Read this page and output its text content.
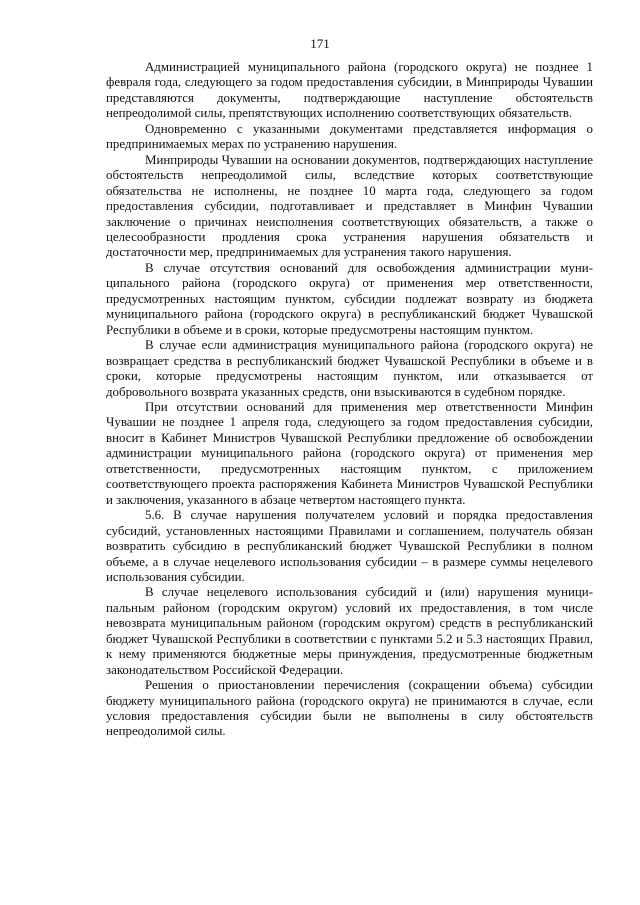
171

Администрацией муниципального района (городского округа) не позднее 1 февраля года, следующего за годом предоставления субсидии, в Минприроды Чувашии представляются документы, подтверждающие наступление обстоятельств непреодолимой силы, препятствующих исполнению соответствующих обязательств.

Одновременно с указанными документами представляется информация о предпринимаемых мерах по устранению нарушения.

Минприроды Чувашии на основании документов, подтверждающих наступление обстоятельств непреодолимой силы, вследствие которых соответствующие обязательства не исполнены, не позднее 10 марта года, следующего за годом предоставления субсидии, подготавливает и представляет в Минфин Чувашии заключение о причинах неисполнения соответствующих обязательств, а также о целесообразности продления срока устранения нарушения обязательств и достаточности мер, предпринимаемых для устранения такого нарушения.

В случае отсутствия оснований для освобождения администрации муниципального района (городского округа) от применения мер ответственности, предусмотренных настоящим пунктом, субсидии подлежат возврату из бюджета муниципального района (городского округа) в республиканский бюджет Чувашской Республики в объеме и в сроки, которые предусмотрены настоящим пунктом.

В случае если администрация муниципального района (городского округа) не возвращает средства в республиканский бюджет Чувашской Республики в объеме и в сроки, которые предусмотрены настоящим пунктом, или отказывается от добровольного возврата указанных средств, они взыскиваются в судебном порядке.

При отсутствии оснований для применения мер ответственности Минфин Чувашии не позднее 1 апреля года, следующего за годом предоставления субсидии, вносит в Кабинет Министров Чувашской Республики предложение об освобождении администрации муниципального района (городского округа) от применения мер ответственности, предусмотренных настоящим пунктом, с приложением соответствующего проекта распоряжения Кабинета Министров Чувашской Республики и заключения, указанного в абзаце четвертом настоящего пункта.

5.6. В случае нарушения получателем условий и порядка предоставления субсидий, установленных настоящими Правилами и соглашением, получатель обязан возвратить субсидию в республиканский бюджет Чувашской Республики в полном объеме, а в случае нецелевого использования субсидии – в размере суммы нецелевого использования субсидии.

В случае нецелевого использования субсидий и (или) нарушения муниципальным районом (городским округом) условий их предоставления, в том числе невозврата муниципальным районом (городским округом) средств в республиканский бюджет Чувашской Республики в соответствии с пунктами 5.2 и 5.3 настоящих Правил, к нему применяются бюджетные меры принуждения, предусмотренные бюджетным законодательством Российской Федерации.

Решения о приостановлении перечисления (сокращении объема) субсидии бюджету муниципального района (городского округа) не принимаются в случае, если условия предоставления субсидии были не выполнены в силу обстоятельств непреодолимой силы.
